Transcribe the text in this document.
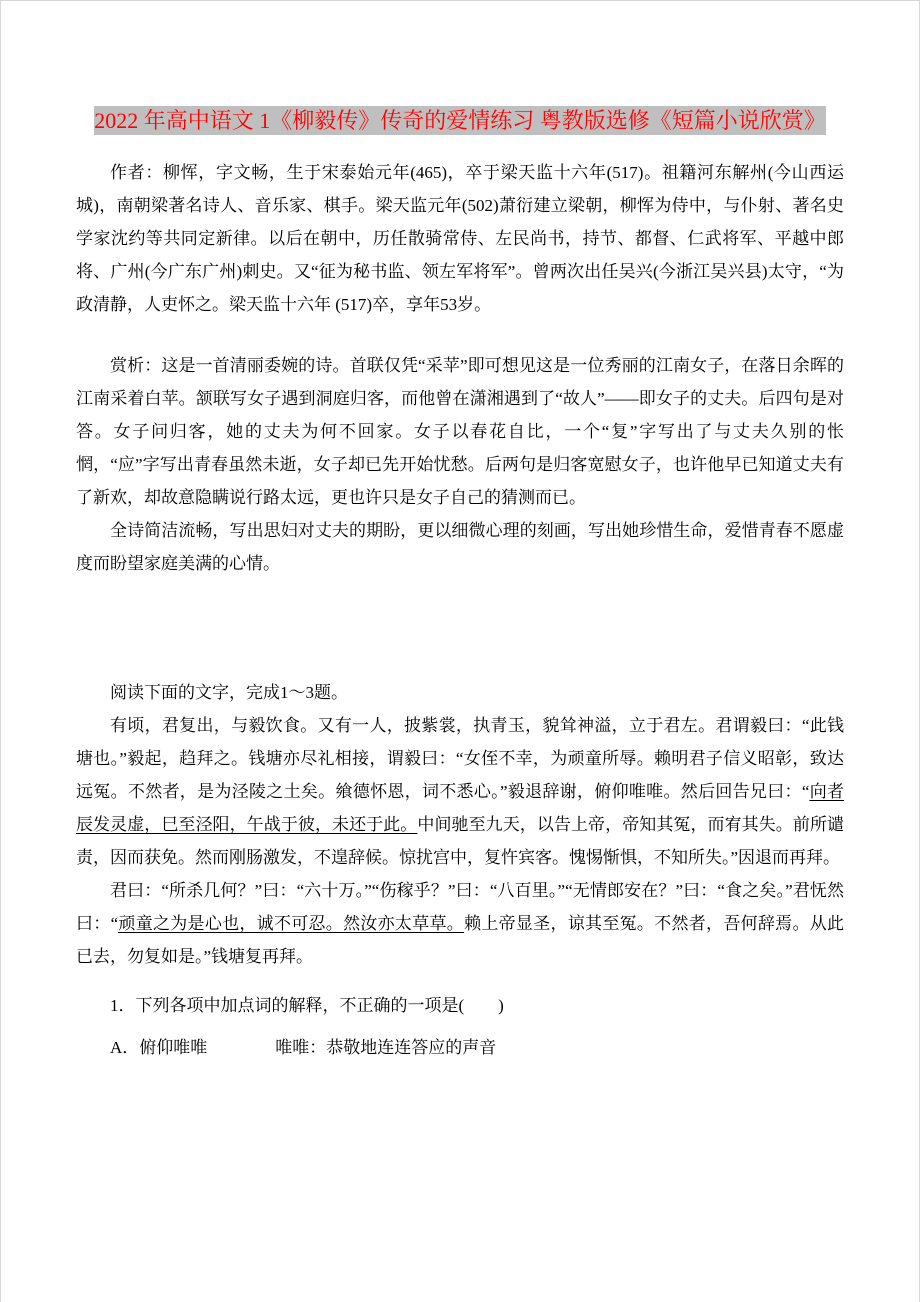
2022 年高中语文 1《柳毅传》传奇的爱情练习 粤教版选修《短篇小说欣赏》

作者：柳恽，字文畅，生于宋泰始元年(465)，卒于梁天监十六年(517)。祖籍河东解州(今山西运城)，南朝梁著名诗人、音乐家、棋手。梁天监元年(502)萧衍建立梁朝，柳恽为侍中，与仆射、著名史学家沈约等共同定新律。以后在朝中，历任散骑常侍、左民尚书，持节、都督、仁武将军、平越中郎将、广州(今广东广州)刺史。又“征为秘书监、领左军将军”。曾两次出任吴兴(今浙江吴兴县)太守，“为政清静，人吏怀之。梁天监十六年 (517)卒，享年53岁。

赏析：这是一首清丽委婉的诗。首联仅凭“采苹”即可想见这是一位秀丽的江南女子，在落日余晖的江南采着白苹。颔联写女子遇到洞庭归客，而他曾在潇湘遇到了“故人”——即女子的丈夫。后四句是对答。女子问归客，她的丈夫为何不回家。女子以春花自比，一个“复”字写出了与丈夫久别的怅惘，“应”字写出青春虽然未逝，女子却已先开始忧愁。后两句是归客宽慰女子，也许他早已知道丈夫有了新欢，却故意隐瞒说行路太远，更也许只是女子自己的猜测而已。

全诗简洁流畅，写出思妇对丈夫的期盼，更以细微心理的刻画，写出她珍惜生命，爱惜青春不愿虚度而盼望家庭美满的心情。

阅读下面的文字，完成1～3题。

有顷，君复出，与毅饮食。又有一人，披紫裳，执青玉，貌耸神溢，立于君左。君谓毅曰：“此钱塘也。”毅起，趋拜之。钱塘亦尽礼相接，谓毅曰：“女侄不幸，为顽童所辱。赖明君子信义昭彰，致达远冤。不然者，是为泾陵之土矣。飨德怀恩，词不悉心。”毅退辞谢，俯仰唯唯。然后回告兄曰：“向者辰发灵虚，巳至泾阳，午战于彼，未还于此。中间驰至九天，以告上帝，帝知其冤，而宥其失。前所谴责，因而获免。然而刚肠激发，不遑辞候。惊扰宫中，复忤宾客。愧惕惭惧，不知所失。”因退而再拜。

君曰：“所杀几何？”曰：“六十万。”“伤稼乎？”曰：“八百里。”“无情郎安在？”曰：“食之矣。”君怃然曰：“顽童之为是心也，诚不可忍。然汝亦太草草。赖上帝显圣，谅其至冤。不然者，吾何辞焉。从此已去，勿复如是。”钱塘复再拜。

1．下列各项中加点词的解释，不正确的一项是(　　)

A．俯仰唯唯　　　　唯唯：恭敬地连连答应的声音
